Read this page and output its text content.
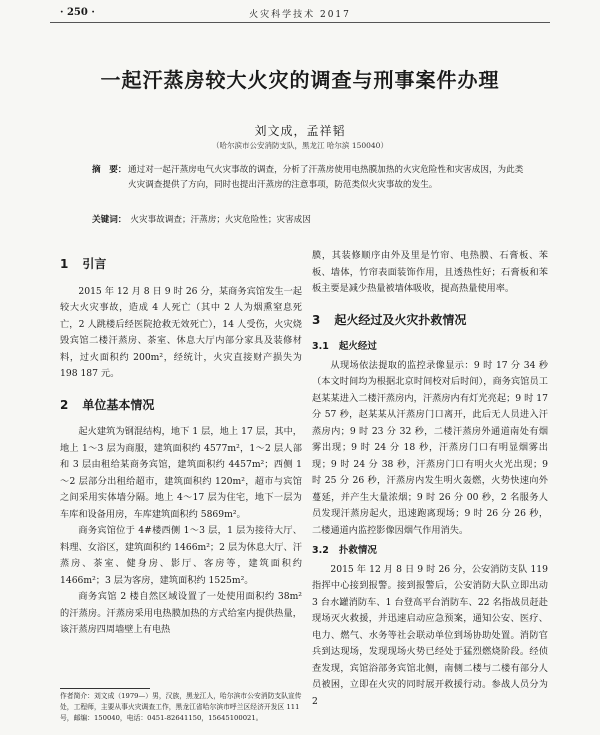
· 250 ·	火灾科学技术 2017
一起汗蒸房较大火灾的调查与刑事案件办理
刘文成，孟祥韬
（哈尔滨市公安消防支队，黑龙江 哈尔滨 150040）
摘　要： 通过对一起汗蒸房电气火灾事故的调查，分析了汗蒸房使用电热膜加热的火灾危险性和灾害成因，为此类火灾调查提供了方向，同时也提出汗蒸房的注意事项，防范类似火灾事故的发生。
关键词： 火灾事故调查；汗蒸房；火灾危险性；灾害成因
1 引言

2015 年 12 月 8 日 9 时 26 分，某商务宾馆发生一起较大火灾事故，造成 4 人死亡（其中 2 人为烟熏窒息死亡，2 人跳楼后经医院抢救无效死亡），14 人受伤，火灾烧毁宾馆二楼汗蒸房、茶室、休息大厅内部分家具及装修材料，过火面积约 200m²，经统计，火灾直接财产损失为 198 187 元。

2 单位基本情况

起火建筑为钢混结构，地下 1 层，地上 17 层，其中，地上 1～3 层为商服，建筑面积约 4577m²，1～2 层人部和 3 层由租给某商务宾馆，建筑面积约 4457m²；西侧 1～2 层部分出租给超市，建筑面积约 120m²，超市与宾馆之间采用实体墙分隔。地上 4～17 层为住宅，地下一层为车库和设备用房，车库建筑面积约 5869m²。

商务宾馆位于 4#楼西侧 1～3 层，1 层为接待大厅、料理、女浴区，建筑面积约 1466m²；2 层为休息大厅、汗蒸房、茶室、健身房、影厅、客房等，建筑面积约 1466m²；3 层为客房，建筑面积约 1525m²。

商务宾馆 2 楼自然区域设置了一处使用面积约 38m² 的汗蒸房。汗蒸房采用电热膜加热的方式给室内提供热量，该汗蒸房四周墙壁上有电热

膜，其装修顺序由外及里是竹帘、电热膜、石膏板、苯板、墙体，竹帘表面装饰作用，且透热性好；石膏板和苯板主要是减少热量被墙体吸收，提高热量使用率。

3 起火经过及火灾扑救情况
3.1 起火经过

从现场依法提取的监控录像显示：9 时 17 分 34 秒（本文时间均为根据北京时间校对后时间），商务宾馆员工赵某某进入二楼汗蒸房内，汗蒸房内有灯光亮起；9 时 17 分 57 秒，赵某某从汗蒸房门口离开，此后无人员进入汗蒸房内；9 时 23 分 32 秒，二楼汗蒸房外通道南处有烟雾出现；9 时 24 分 18 秒，汗蒸房门口有明显烟雾出现；9 时 24 分 38 秒，汗蒸房门口有明火火光出现；9 时 25 分 26 秒，汗蒸房内发生明火轰燃，火势快速向外蔓延，并产生大量浓烟；9 时 26 分 00 秒，2 名服务人员发现汗蒸房起火，迅速跑离现场；9 时 26 分 26 秒，二楼通道内监控影像因烟气作用消失。

3.2 扑救情况

2015 年 12 月 8 日 9 时 26 分，公安消防支队 119 指挥中心接到报警。接到报警后，公安消防大队立即出动 3 台水罐消防车、1 台登高平台消防车、22 名指战员赶赴现场灭火救援，并迅速启动应急预案，通知公安、医疗、电力、燃气、水务等社会联动单位到场协助处置。消防官兵到达现场，发现现场火势已经处于猛烈燃烧阶段。经侦查发现，宾馆浴部务宾馆北侧，南侧二楼与二楼有部分人员被困，立即在火灾的同时展开救援行动。参战人员分为 2

作者简介：刘文成（1979—）男，汉族，黑龙江人，哈尔滨市公安消防支队宣传处，工程师，主要从事火灾调查工作，黑龙江省哈尔滨市呼兰区经济开发区 111 号，邮编：150040，电话：0451-82641150，15645100021。
